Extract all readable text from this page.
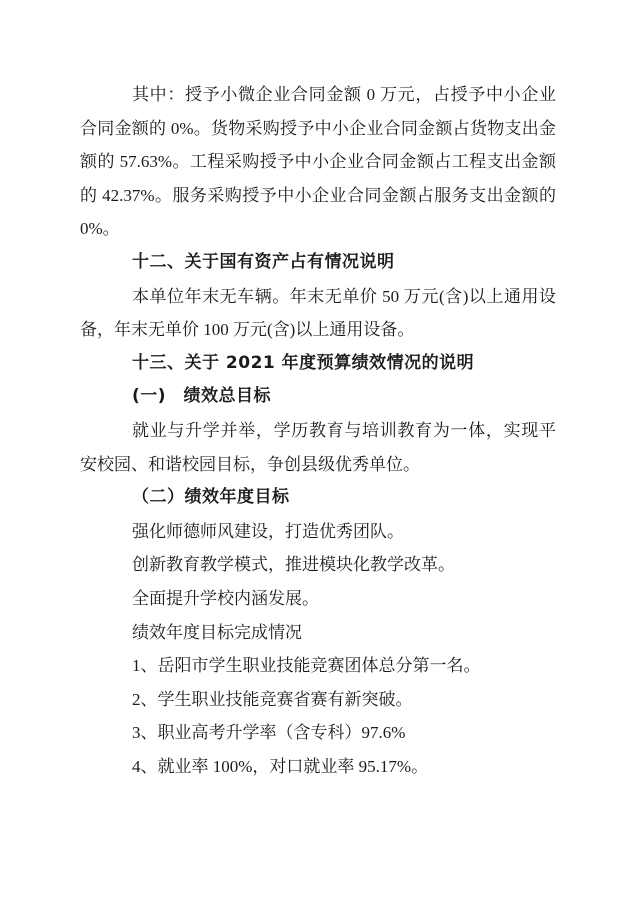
其中：授予小微企业合同金额 0 万元，占授予中小企业合同金额的 0%。货物采购授予中小企业合同金额占货物支出金额的 57.63%。工程采购授予中小企业合同金额占工程支出金额的 42.37%。服务采购授予中小企业合同金额占服务支出金额的 0%。

十二、关于国有资产占有情况说明

本单位年末无车辆。年末无单价 50 万元(含)以上通用设备，年末无单价 100 万元(含)以上通用设备。

十三、关于 2021 年度预算绩效情况的说明

(一)　绩效总目标

就业与升学并举，学历教育与培训教育为一体，实现平安校园、和谐校园目标，争创县级优秀单位。

（二）绩效年度目标

强化师德师风建设，打造优秀团队。

创新教育教学模式，推进模块化教学改革。

全面提升学校内涵发展。

绩效年度目标完成情况

1、岳阳市学生职业技能竞赛团体总分第一名。

2、学生职业技能竞赛省赛有新突破。

3、职业高考升学率（含专科）97.6%

4、就业率 100%，对口就业率 95.17%。
